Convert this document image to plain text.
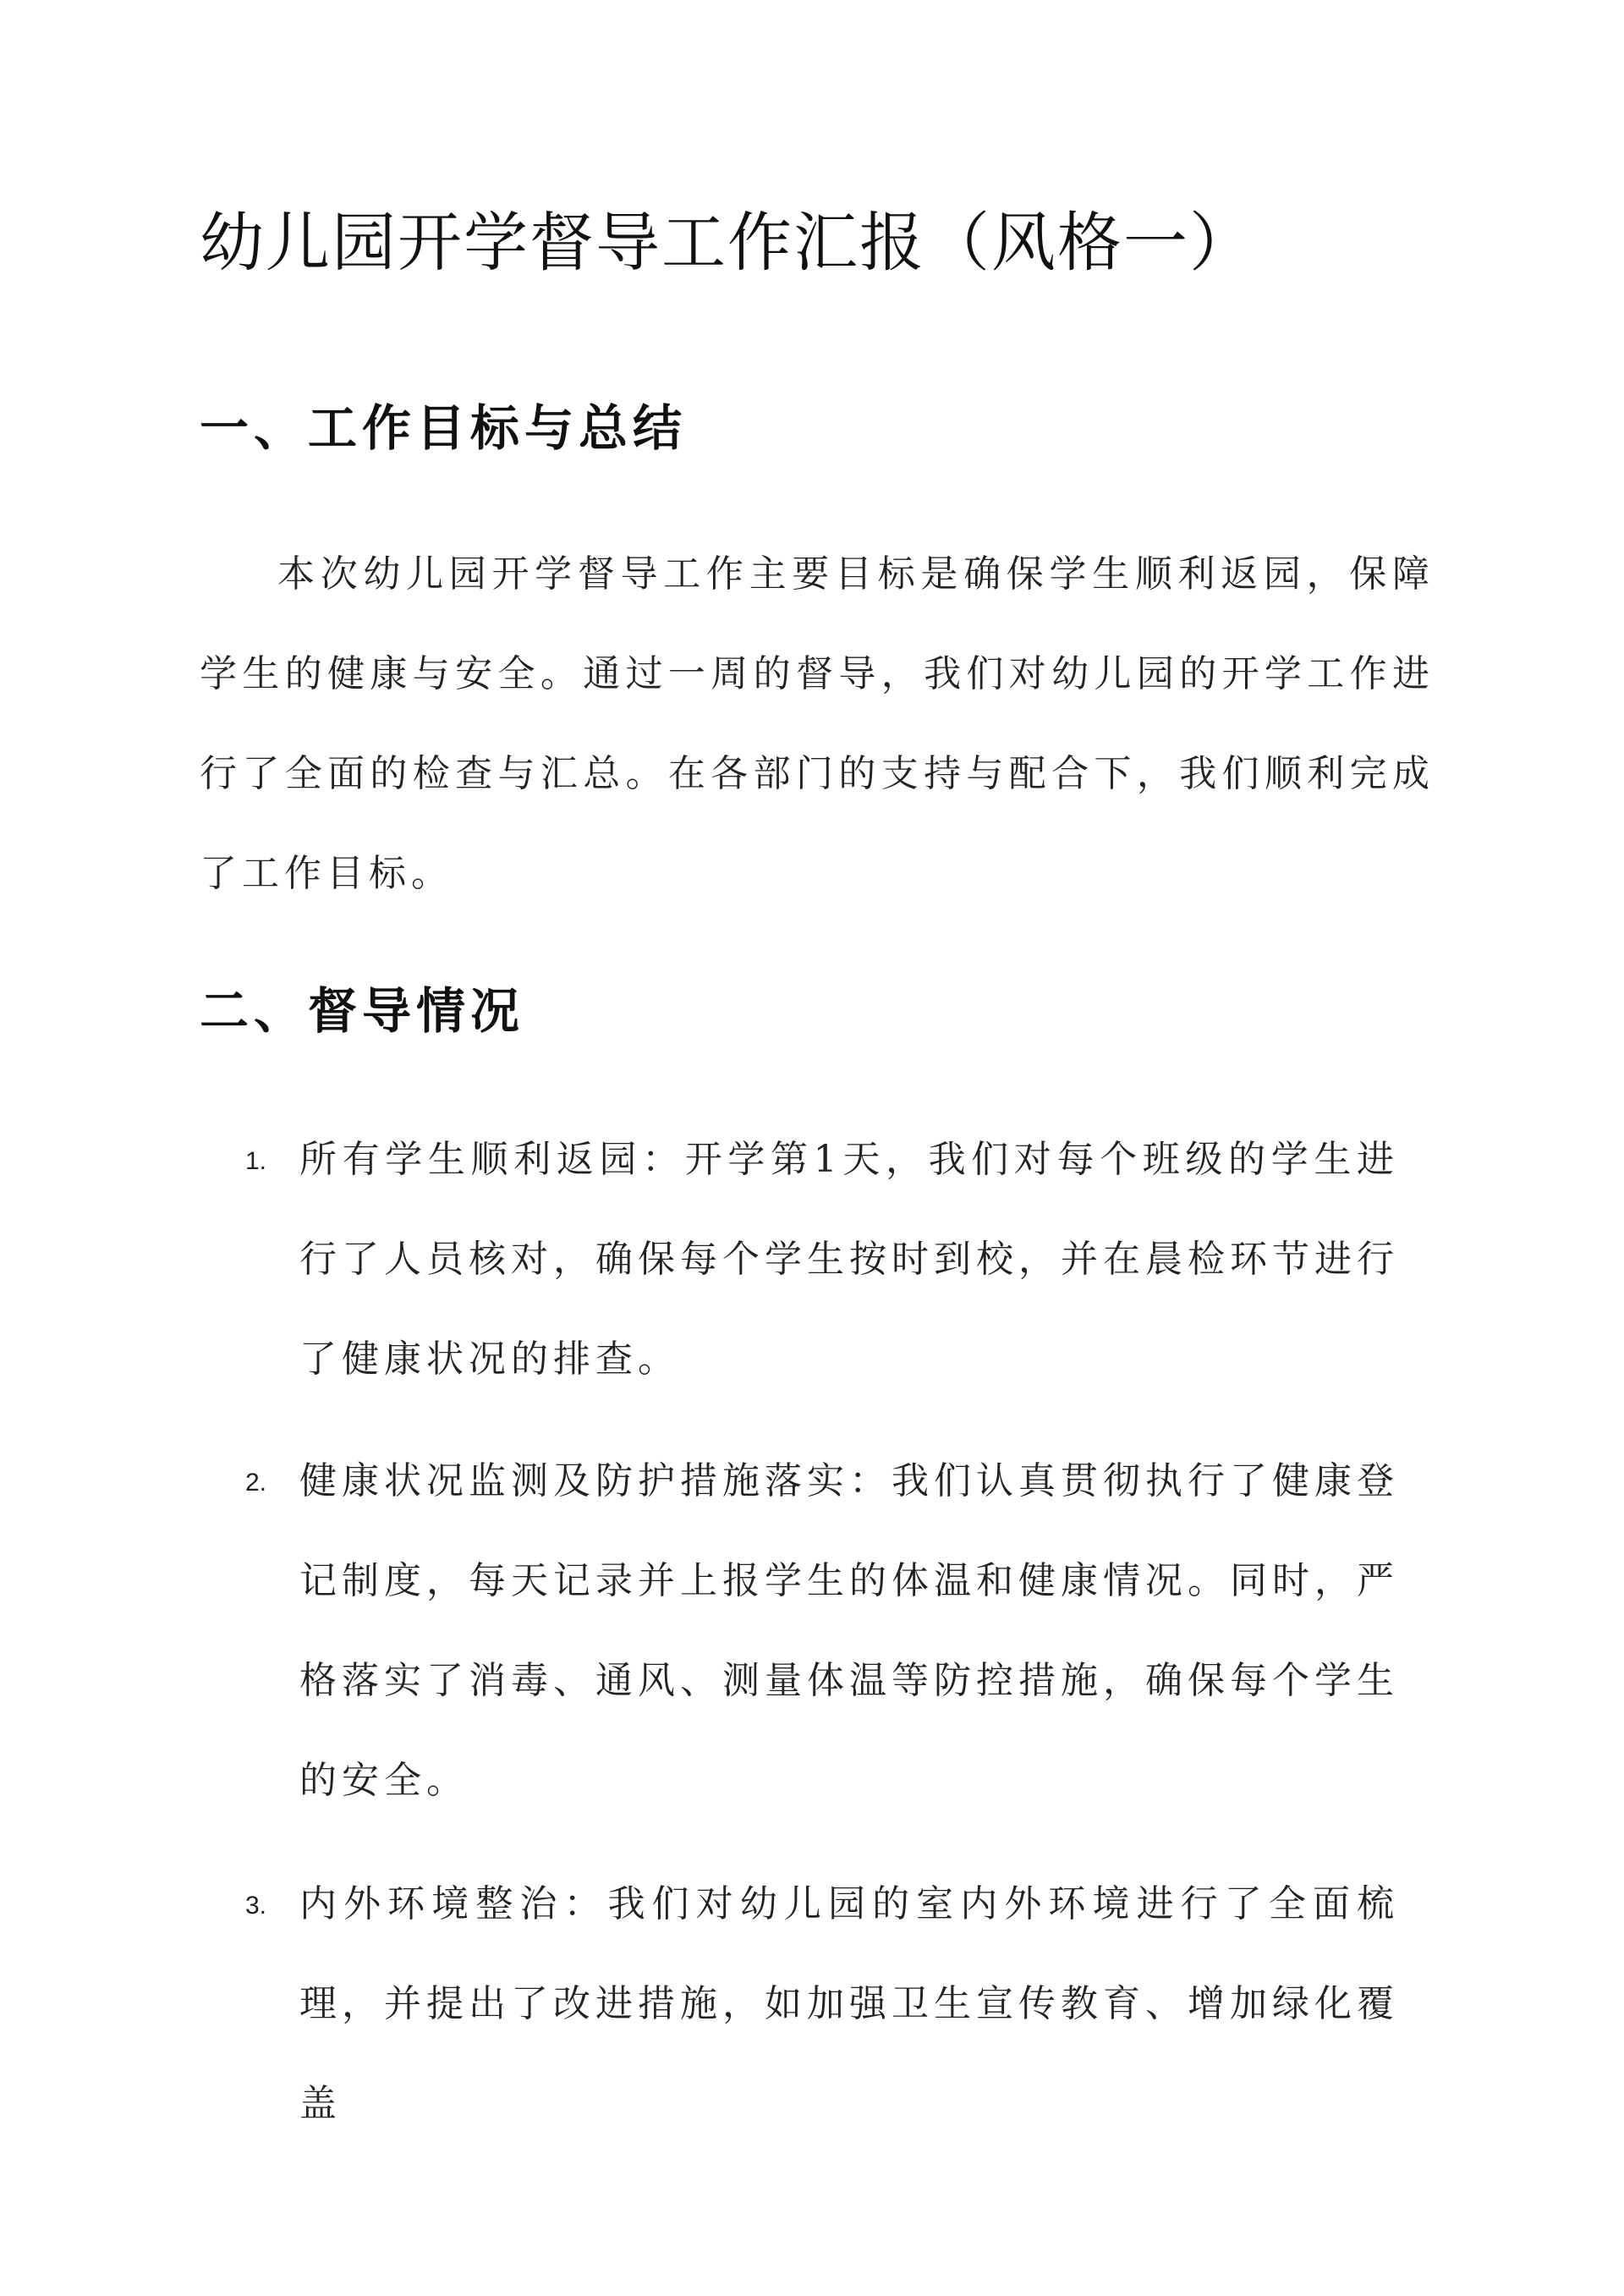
幼儿园开学督导工作汇报（风格一）
一、工作目标与总结

本次幼儿园开学督导工作主要目标是确保学生顺利返园，保障学生的健康与安全。通过一周的督导，我们对幼儿园的开学工作进行了全面的检查与汇总。在各部门的支持与配合下，我们顺利完成了工作目标。

二、督导情况
1. 所有学生顺利返园：开学第1天，我们对每个班级的学生进行了人员核对，确保每个学生按时到校，并在晨检环节进行了健康状况的排查。

2. 健康状况监测及防护措施落实：我们认真贯彻执行了健康登记制度，每天记录并上报学生的体温和健康情况。同时，严格落实了消毒、通风、测量体温等防控措施，确保每个学生的安全。

3. 内外环境整治：我们对幼儿园的室内外环境进行了全面梳理，并提出了改进措施，如加强卫生宣传教育、增加绿化覆盖
